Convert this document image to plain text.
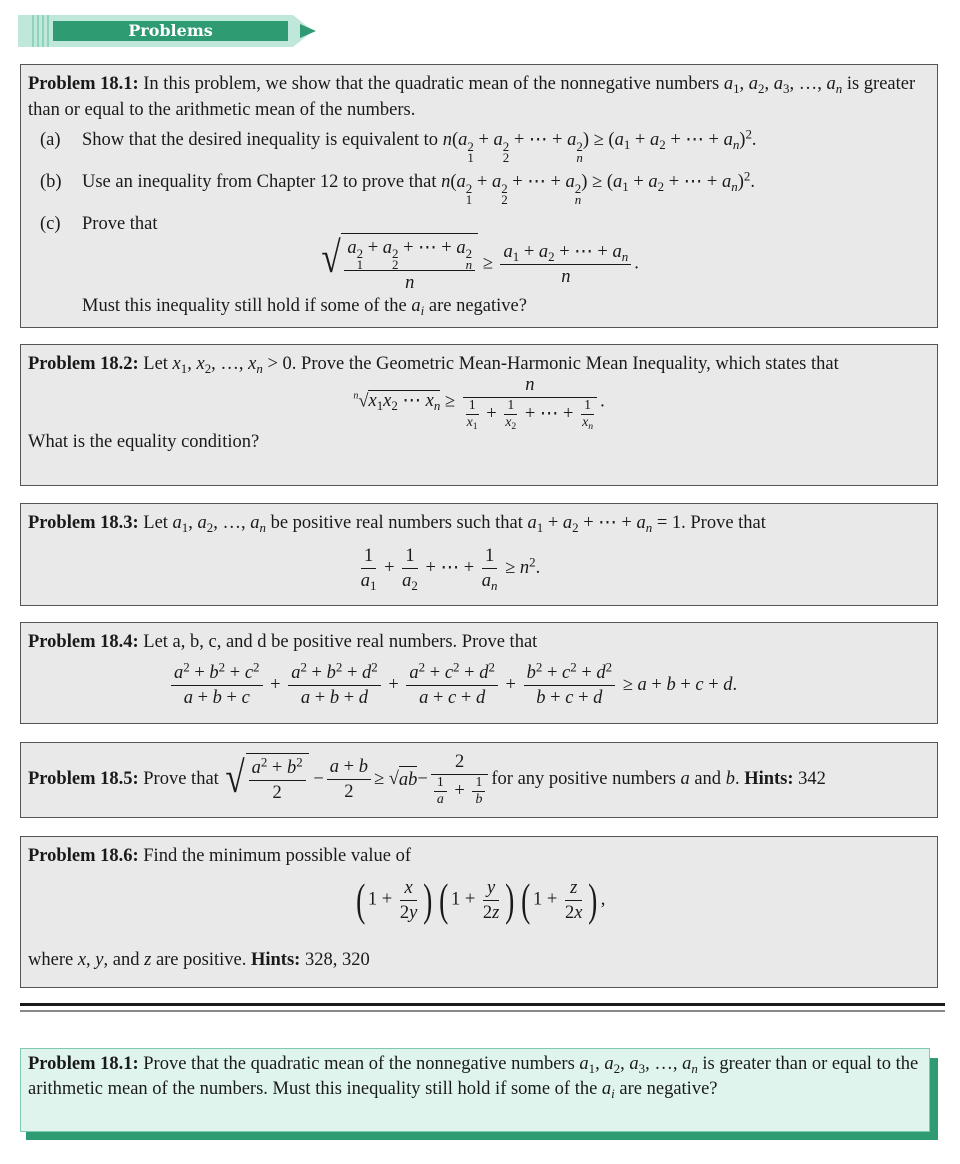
Problems
Problem 18.1: In this problem, we show that the quadratic mean of the nonnegative numbers $a_1$, $a_2$, $a_3$, …, $a_n$ is greater than or equal to the arithmetic mean of the numbers.
(a)	Show that the desired inequality is equivalent to n(a 2
1
+ a 2
2
+ ⋯ + a 2
n
) ≥ ($a_1 + a_2$ + ⋯ + $a_n)^2$.
(b)	Use an inequality from Chapter 12 to prove that n(a 2
1
+ a 2
2
+ ⋯ + a 2
n
) ≥ ($a_1 + a_2$ + ⋯ + $a_n)^2$.
(c)	Prove that
√ a 2
1
+ a 2
2
+ ⋯ + a 2
n
$n \ge \frac{a_1 + a_2 + \cdots + a_n}{n}$ .
Must this inequality still hold if some of the $a_i$ are negative?
Problem 18.2: Let $x_1$, $x_2$, …, $x_n > 0$. Prove the Geometric Mean-Harmonic Mean Inequality, which states that
$^n√x_1x_2$ ⋯ $x_n \ge \frac{n}{\frac{1}{x_1} + \frac{1}{x_2} + \cdots + \frac{1}{x_n}}$ .
What is the equality condition?
Problem 18.3: Let $a_1$, $a_2$, …, $a_n$ be positive real numbers such that $a_1 + a_2$ + ⋯ + $a_n = 1$. Prove that
$\frac{1}{a_1} + \frac{1}{a_2}$ + ⋯ + $\frac{1}{a_n} \ge n^2$.
Problem 18.4: Let a, b, c, and d be positive real numbers. Prove that
$\frac{a^2 + b^2 + c^2}{a + b + c} + \frac{a^2 + b^2 + d^2}{a + b + d} + \frac{a^2 + c^2 + d^2}{a + c + d} + \frac{b^2 + c^2 + d^2}{b + c + d} \ge a + b + c + d$.
Problem 18.5:
Prove that
√ $\frac{a^2 + b^2}{2} - \frac{a + b}{2}$ ≥ √ ab − $\frac{2}{\frac{1}{a} + \frac{1}{b}}$ for any positive numbers
a
and
b . Hints:
342
Problem 18.6: Find the minimum possible value of
( $1 + \frac{x}{2y}$ ) ( $1 + \frac{y}{2z}$ ) ( $1 + \frac{z}{2x}$ ) ,
where x, y, and z are positive. Hints: 328, 320
Problem 18.1: Prove that the quadratic mean of the nonnegative numbers $a_1$, $a_2$, $a_3$, …, $a_n$ is greater than or equal to the arithmetic mean of the numbers. Must this inequality still hold if some of the $a_i$ are negative?
